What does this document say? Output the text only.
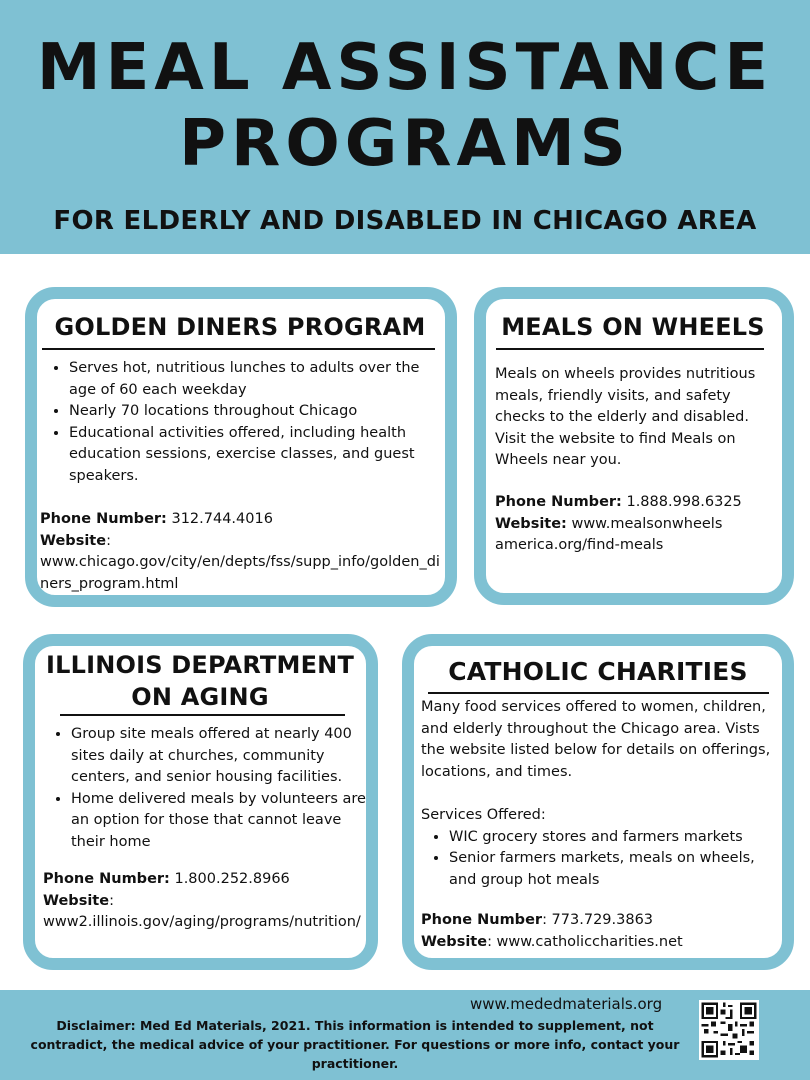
MEAL ASSISTANCE
PROGRAMS
FOR ELDERLY AND DISABLED IN CHICAGO AREA
GOLDEN DINERS PROGRAM
• Serves hot, nutritious lunches to adults over the age of 60 each weekday
• Nearly 70 locations throughout Chicago
• Educational activities offered, including health education sessions, exercise classes, and guest speakers.
Phone Number: 312.744.4016
Website:
www.chicago.gov/city/en/depts/fss/supp_info/golden_diners_program.html
MEALS ON WHEELS
Meals on wheels provides nutritious meals, friendly visits, and safety checks to the elderly and disabled. Visit the website to find Meals on Wheels near you.
Phone Number: 1.888.998.6325
Website: www.mealsonwheels america.org/find-meals
ILLINOIS DEPARTMENT
ON AGING
• Group site meals offered at nearly 400 sites daily at churches, community centers, and senior housing facilities.
• Home delivered meals by volunteers are an option for those that cannot leave their home
Phone Number: 1.800.252.8966
Website:
www2.illinois.gov/aging/programs/nutrition/
CATHOLIC CHARITIES
Many food services offered to women, children, and elderly throughout the Chicago area. Vists the website listed below for details on offerings, locations, and times.
Services Offered:
• WIC grocery stores and farmers markets
• Senior farmers markets, meals on wheels, and group hot meals
Phone Number: 773.729.3863
Website: www.catholiccharities.net
www.mededmaterials.org
Disclaimer: Med Ed Materials, 2021. This information is intended to supplement, not contradict, the medical advice of your practitioner. For questions or more info, contact your practitioner.
